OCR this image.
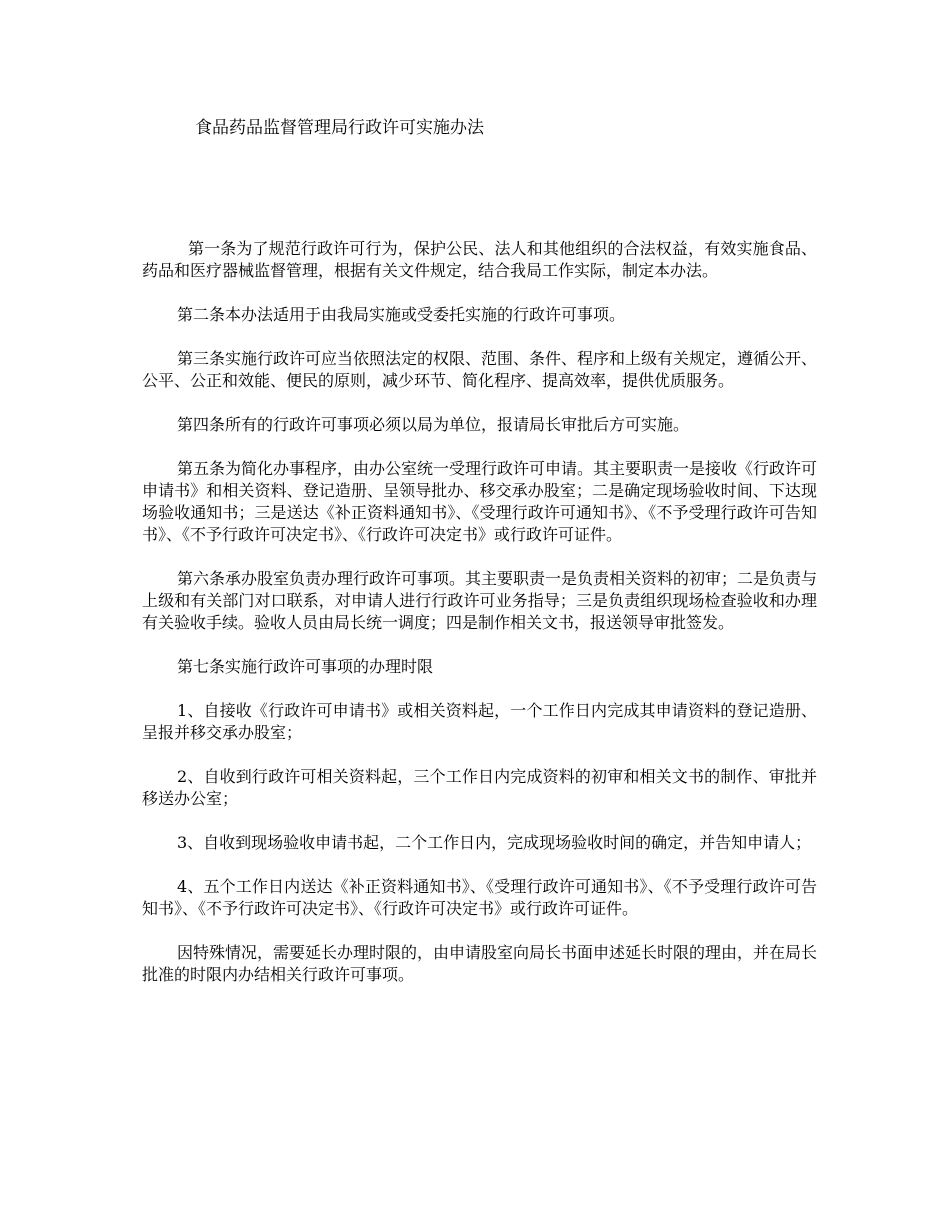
食品药品监督管理局行政许可实施办法

第一条为了规范行政许可行为，保护公民、法人和其他组织的合法权益，有效实施食品、药品和医疗器械监督管理，根据有关文件规定，结合我局工作实际，制定本办法。

第二条本办法适用于由我局实施或受委托实施的行政许可事项。

第三条实施行政许可应当依照法定的权限、范围、条件、程序和上级有关规定，遵循公开、公平、公正和效能、便民的原则，减少环节、简化程序、提高效率，提供优质服务。

第四条所有的行政许可事项必须以局为单位，报请局长审批后方可实施。

第五条为简化办事程序，由办公室统一受理行政许可申请。其主要职责一是接收《行政许可申请书》和相关资料、登记造册、呈领导批办、移交承办股室；二是确定现场验收时间、下达现场验收通知书；三是送达《补正资料通知书》、《受理行政许可通知书》、《不予受理行政许可告知书》、《不予行政许可决定书》、《行政许可决定书》或行政许可证件。

第六条承办股室负责办理行政许可事项。其主要职责一是负责相关资料的初审；二是负责与上级和有关部门对口联系，对申请人进行行政许可业务指导；三是负责组织现场检查验收和办理有关验收手续。验收人员由局长统一调度；四是制作相关文书，报送领导审批签发。

第七条实施行政许可事项的办理时限

1、自接收《行政许可申请书》或相关资料起，一个工作日内完成其申请资料的登记造册、呈报并移交承办股室；

2、自收到行政许可相关资料起，三个工作日内完成资料的初审和相关文书的制作、审批并移送办公室；

3、自收到现场验收申请书起，二个工作日内，完成现场验收时间的确定，并告知申请人；

4、五个工作日内送达《补正资料通知书》、《受理行政许可通知书》、《不予受理行政许可告知书》、《不予行政许可决定书》、《行政许可决定书》或行政许可证件。

因特殊情况，需要延长办理时限的，由申请股室向局长书面申述延长时限的理由，并在局长批准的时限内办结相关行政许可事项。
